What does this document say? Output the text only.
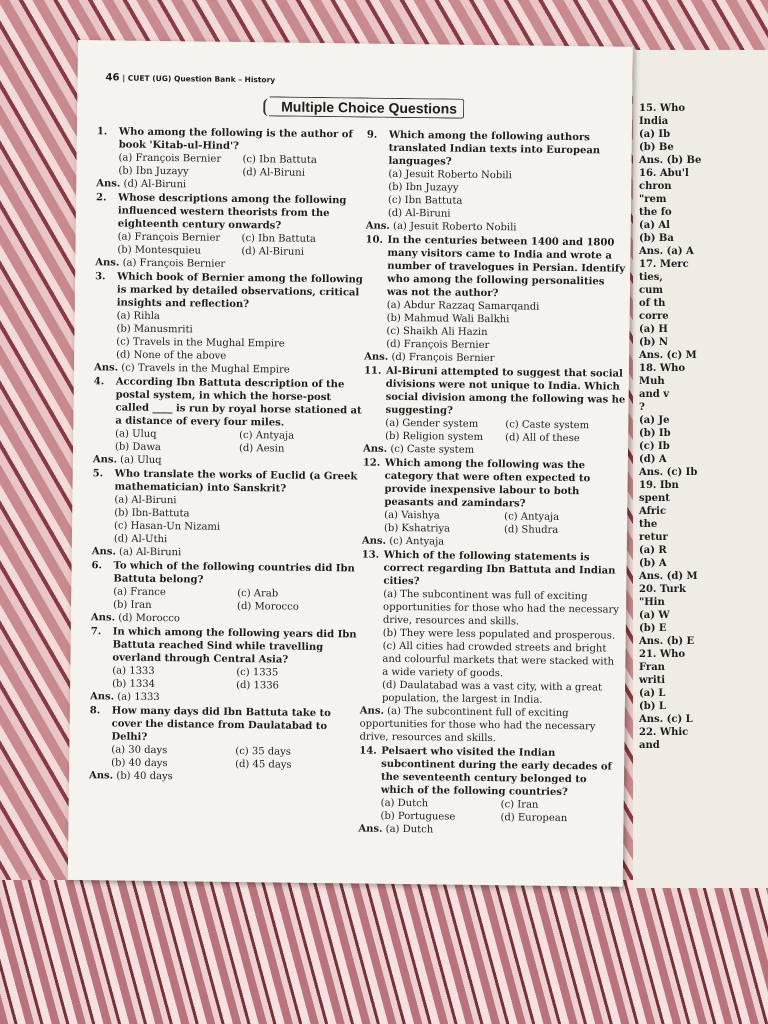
15. Who
India
(a) Ib
(b) Be
Ans. (b) Be
16. Abu'l
chron
"rem
the fo
(a) Al
(b) Ba
Ans. (a) A
17. Merc
ties,
cum
of th
corre
(a) H
(b) N
Ans. (c) M
18. Who
Muh
and v
?
(a) Je
(b) Ib
(c) Ib
(d) A
Ans. (c) Ib
19. Ibn
spent
Afric
the
retur
(a) R
(b) A
Ans. (d) M
20. Turk
"Hin
(a) W
(b) E
Ans. (b) E
21. Who
Fran
writi
(a) L
(b) L
Ans. (c) L
22. Whic
and
46 | CUET (UG) Question Bank – History
Multiple Choice Questions
1. Who among the following is the author of book 'Kitab-ul-Hind'?
(a) François Bernier	(c) Ibn Battuta
(b) Ibn Juzayy	(d) Al-Biruni
Ans. (d) Al-Biruni
2. Whose descriptions among the following influenced western theorists from the eighteenth century onwards?
(a) François Bernier	(c) Ibn Battuta
(b) Montesquieu	(d) Al-Biruni
Ans. (a) François Bernier
3. Which book of Bernier among the following is marked by detailed observations, critical insights and reflection?
(a) Rihla
(b) Manusmriti
(c) Travels in the Mughal Empire
(d) None of the above
Ans. (c) Travels in the Mughal Empire
4. According Ibn Battuta description of the postal system, in which the horse-post called ____ is run by royal horse stationed at a distance of every four miles.
(a) Uluq	(c) Antyaja
(b) Dawa	(d) Aesin
Ans. (a) Uluq
5. Who translate the works of Euclid (a Greek mathematician) into Sanskrit?
(a) Al-Biruni
(b) Ibn-Battuta
(c) Hasan-Un Nizami
(d) Al-Uthi
Ans. (a) Al-Biruni
6. To which of the following countries did Ibn Battuta belong?
(a) France	(c) Arab
(b) Iran	(d) Morocco
Ans. (d) Morocco
7. In which among the following years did Ibn Battuta reached Sind while travelling overland through Central Asia?
(a) 1333	(c) 1335
(b) 1334	(d) 1336
Ans. (a) 1333
8. How many days did Ibn Battuta take to cover the distance from Daulatabad to Delhi?
(a) 30 days	(c) 35 days
(b) 40 days	(d) 45 days
Ans. (b) 40 days
9. Which among the following authors translated Indian texts into European languages?
(a) Jesuit Roberto Nobili
(b) Ibn Juzayy
(c) Ibn Battuta
(d) Al-Biruni
Ans. (a) Jesuit Roberto Nobili
10. In the centuries between 1400 and 1800 many visitors came to India and wrote a number of travelogues in Persian. Identify who among the following personalities was not the author?
(a) Abdur Razzaq Samarqandi
(b) Mahmud Wali Balkhi
(c) Shaikh Ali Hazin
(d) François Bernier
Ans. (d) François Bernier
11. Al-Biruni attempted to suggest that social divisions were not unique to India. Which social division among the following was he suggesting?
(a) Gender system	(c) Caste system
(b) Religion system	(d) All of these
Ans. (c) Caste system
12. Which among the following was the category that were often expected to provide inexpensive labour to both peasants and zamindars?
(a) Vaishya	(c) Antyaja
(b) Kshatriya	(d) Shudra
Ans. (c) Antyaja
13. Which of the following statements is correct regarding Ibn Battuta and Indian cities?
(a) The subcontinent was full of exciting opportunities for those who had the necessary drive, resources and skills.
(b) They were less populated and prosperous.
(c) All cities had crowded streets and bright and colourful markets that were stacked with a wide variety of goods.
(d) Daulatabad was a vast city, with a great population, the largest in India.
Ans. (a) The subcontinent full of exciting opportunities for those who had the necessary drive, resources and skills.
14. Pelsaert who visited the Indian subcontinent during the early decades of the seventeenth century belonged to which of the following countries?
(a) Dutch	(c) Iran
(b) Portuguese	(d) European
Ans. (a) Dutch
